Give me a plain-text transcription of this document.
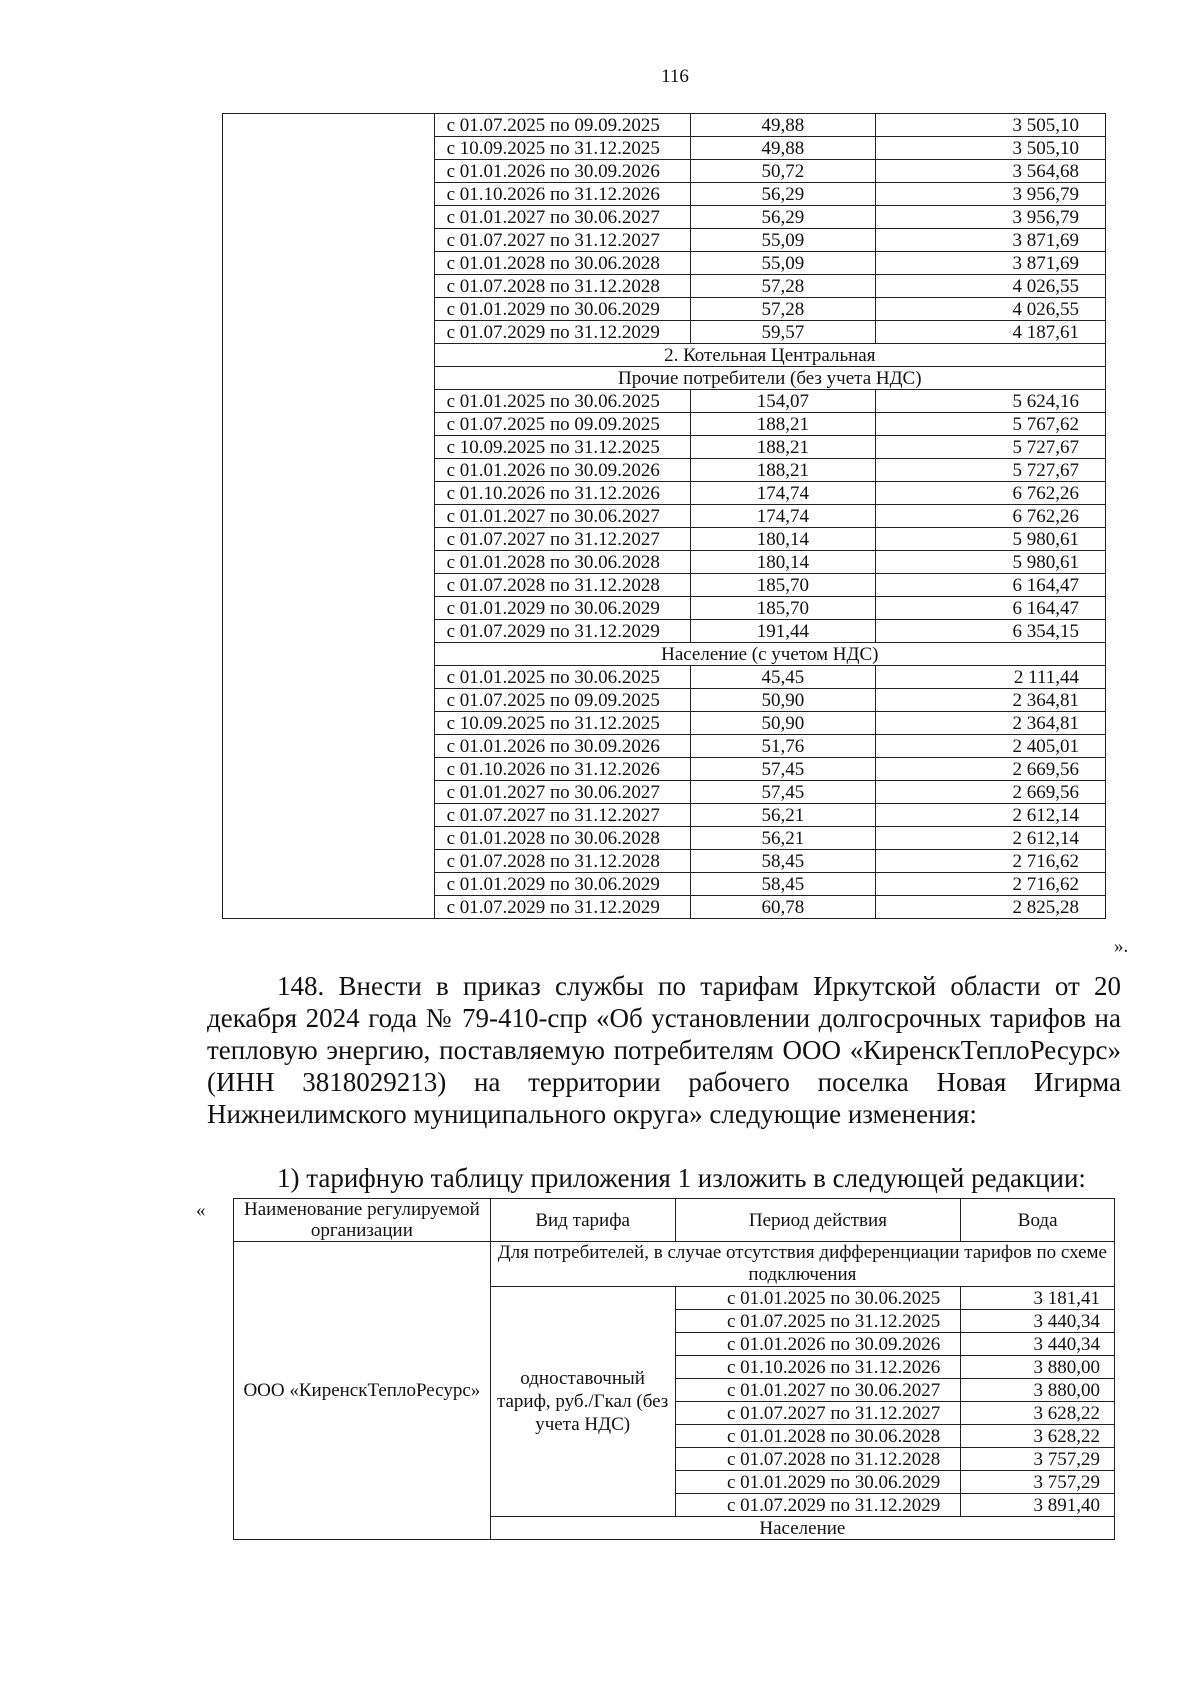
116
	с 01.07.2025 по 09.09.2025	49,88	3 505,10
	с 10.09.2025 по 31.12.2025	49,88	3 505,10
	с 01.01.2026 по 30.09.2026	50,72	3 564,68
	с 01.10.2026 по 31.12.2026	56,29	3 956,79
	с 01.01.2027 по 30.06.2027	56,29	3 956,79
	с 01.07.2027 по 31.12.2027	55,09	3 871,69
	с 01.01.2028 по 30.06.2028	55,09	3 871,69
	с 01.07.2028 по 31.12.2028	57,28	4 026,55
	с 01.01.2029 по 30.06.2029	57,28	4 026,55
	с 01.07.2029 по 31.12.2029	59,57	4 187,61
	2. Котельная Центральная		
	Прочие потребители (без учета НДС)		
	с 01.01.2025 по 30.06.2025	154,07	5 624,16
	с 01.07.2025 по 09.09.2025	188,21	5 767,62
	с 10.09.2025 по 31.12.2025	188,21	5 727,67
	с 01.01.2026 по 30.09.2026	188,21	5 727,67
	с 01.10.2026 по 31.12.2026	174,74	6 762,26
	с 01.01.2027 по 30.06.2027	174,74	6 762,26
	с 01.07.2027 по 31.12.2027	180,14	5 980,61
	с 01.01.2028 по 30.06.2028	180,14	5 980,61
	с 01.07.2028 по 31.12.2028	185,70	6 164,47
	с 01.01.2029 по 30.06.2029	185,70	6 164,47
	с 01.07.2029 по 31.12.2029	191,44	6 354,15
	Население (с учетом НДС)		
	с 01.01.2025 по 30.06.2025	45,45	2 111,44
	с 01.07.2025 по 09.09.2025	50,90	2 364,81
	с 10.09.2025 по 31.12.2025	50,90	2 364,81
	с 01.01.2026 по 30.09.2026	51,76	2 405,01
	с 01.10.2026 по 31.12.2026	57,45	2 669,56
	с 01.01.2027 по 30.06.2027	57,45	2 669,56
	с 01.07.2027 по 31.12.2027	56,21	2 612,14
	с 01.01.2028 по 30.06.2028	56,21	2 612,14
	с 01.07.2028 по 31.12.2028	58,45	2 716,62
	с 01.01.2029 по 30.06.2029	58,45	2 716,62
	с 01.07.2029 по 31.12.2029	60,78	2 825,28
».
148. Внести в приказ службы по тарифам Иркутской области от 20 декабря 2024 года № 79-410-спр «Об установлении долгосрочных тарифов на тепловую энергию, поставляемую потребителям ООО «КиренскТеплоРесурс» (ИНН 3818029213) на территории рабочего поселка Новая Игирма Нижнеилимского муниципального округа» следующие изменения:
1) тарифную таблицу приложения 1 изложить в следующей редакции:
« Наименование регулируемой организации	Вид тарифа	Период действия	Вода
ООО «КиренскТеплоРесурс»	Для потребителей, в случае отсутствия дифференциации тарифов по схеме подключения		
	одноставочный тариф, руб./Гкал (без учета НДС)	с 01.01.2025 по 30.06.2025	3 181,41
		с 01.07.2025 по 31.12.2025	3 440,34
		с 01.01.2026 по 30.09.2026	3 440,34
		с 01.10.2026 по 31.12.2026	3 880,00
		с 01.01.2027 по 30.06.2027	3 880,00
		с 01.07.2027 по 31.12.2027	3 628,22
		с 01.01.2028 по 30.06.2028	3 628,22
		с 01.07.2028 по 31.12.2028	3 757,29
		с 01.01.2029 по 30.06.2029	3 757,29
		с 01.07.2029 по 31.12.2029	3 891,40
	Население		
